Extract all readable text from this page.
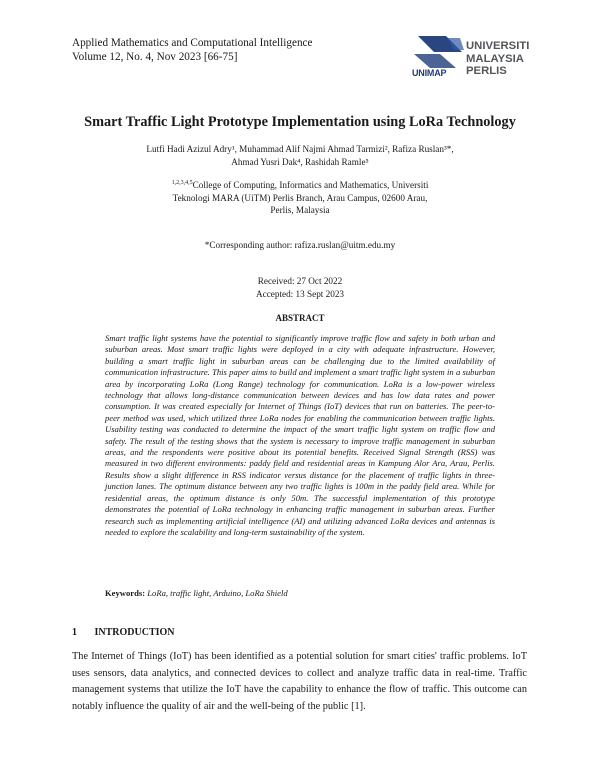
Applied Mathematics and Computational Intelligence
Volume 12, No. 4, Nov 2023 [66-75]
UNIVERSITI MALAYSIA PERLIS
UNIMAP
Smart Traffic Light Prototype Implementation using LoRa Technology
Lutfi Hadi Azizul Adry¹, Muhammad Alif Najmi Ahmad Tarmizi², Rafiza Ruslan³*,
Ahmad Yusri Dak⁴, Rashidah Ramle⁵
$^{1,2,3,4,5}$College of Computing, Informatics and Mathematics, Universiti
Teknologi MARA (UiTM) Perlis Branch, Arau Campus, 02600 Arau,
Perlis, Malaysia
*Corresponding author: rafiza.ruslan@uitm.edu.my
Received: 27 Oct 2022
Accepted: 13 Sept 2023
ABSTRACT
Smart traffic light systems have the potential to significantly improve traffic flow and safety in both urban and suburban areas. Most smart traffic lights were deployed in a city with adequate infrastructure. However, building a smart traffic light in suburban areas can be challenging due to the limited availability of communication infrastructure. This paper aims to build and implement a smart traffic light system in a suburban area by incorporating LoRa (Long Range) technology for communication. LoRa is a low-power wireless technology that allows long-distance communication between devices and has low data rates and power consumption. It was created especially for Internet of Things (IoT) devices that run on batteries. The peer-to-peer method was used, which utilized three LoRa nodes for enabling the communication between traffic lights. Usability testing was conducted to determine the impact of the smart traffic light system on traffic flow and safety. The result of the testing shows that the system is necessary to improve traffic management in suburban areas, and the respondents were positive about its potential benefits. Received Signal Strength (RSS) was measured in two different environments: paddy field and residential areas in Kampung Alor Ara, Arau, Perlis. Results show a slight difference in RSS indicator versus distance for the placement of traffic lights in three-junction lanes. The optimum distance between any two traffic lights is 100m in the paddy field area. While for residential areas, the optimum distance is only 50m. The successful implementation of this prototype demonstrates the potential of LoRa technology in enhancing traffic management in suburban areas. Further research such as implementing artificial intelligence (AI) and utilizing advanced LoRa devices and antennas is needed to explore the scalability and long-term sustainability of the system.
Keywords: LoRa, traffic light, Arduino, LoRa Shield
1 INTRODUCTION
The Internet of Things (IoT) has been identified as a potential solution for smart cities' traffic problems. IoT uses sensors, data analytics, and connected devices to collect and analyze traffic data in real-time. Traffic management systems that utilize the IoT have the capability to enhance the flow of traffic. This outcome can notably influence the quality of air and the well-being of the public [1].
